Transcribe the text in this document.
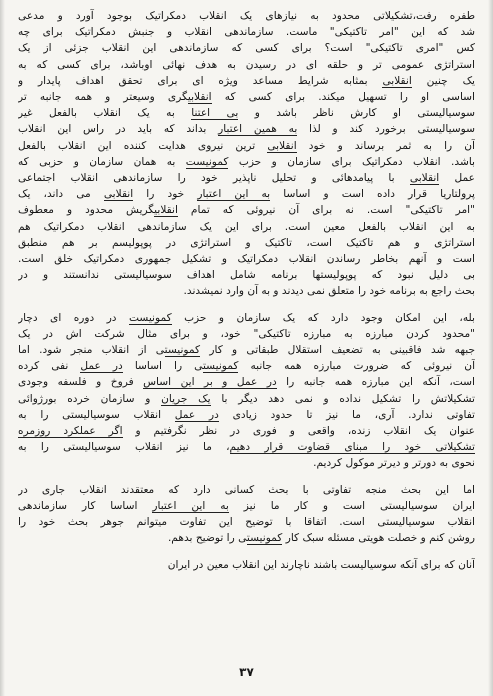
طفره رفت،تشکیلاتی محدود به نیازهای یک انقلاب دمکراتیک بوجود آورد و مدعی
شد که این "امر تاکتیکی" ماست. سازماندهی انقلاب و جنبش دمکراتیک برای چه
کس "امری تاکتیکی" است؟ برای کسی که سازماندهی این انقلاب جزئی از یک
استراتژی عمومی تر و حلقه ای در رسیدن به هدف نهائی اوباشد، برای کسی که به
یک چنین انقلابی بمثابه شرایط مساعد ویژه ای برای تحقق اهداف پایدار و
اساسی او را تسهیل میکند. برای کسی که انقلابیگری وسیعتر و همه جانبه تر
سوسیالیستی او کارش ناظر باشد و بی اعتنا به یک انقلاب بالفعل غیر
سوسیالیستی برخورد کند و لذا به همین اعتبار بداند که باید در راس این انقلاب
آن را به ثمر برساند و خود انقلابی ترین نیروی هدایت کننده این انقلاب بالفعل
باشد. انقلاب دمکراتیک برای سازمان و حزب کمونیست به همان سازمان و حزبی که
عمل انقلابی با پیامدهائی و تحلیل ناپذیر خود را سازماندهی انقلاب اجتماعی
پرولتاریا قرار داده است و اساسا به این اعتبار خود را انقلابی می داند، یک
"امر تاکتیکی" است. نه برای آن نیروئی که تمام انقلابیگریش محدود و معطوف
به این انقلاب بالفعل معین است. برای این یک سازماندهی انقلاب دمکراتیک هم
استراتژی و هم تاکتیک است، تاکتیک و استراتژی در پوپولیسم بر هم منطبق
است و آنهم بخاطر رساندن انقلاب دمکراتیک و تشکیل جمهوری دمکراتیک خلق است.
بی دلیل نبود که پوپولیستها برنامه شامل اهداف سوسیالیستی ندانستند و در
بحث راجع به برنامه خود را متعلق نمی دیدند و به آن وارد نمیشدند.
بله، این امکان وجود دارد که یک سازمان و حزب کمونیست در دوره ای دچار
"محدود کردن مبارزه به مبارزه تاکتیکی" خود، و برای مثال شرکت اش در یک
جبهه شد فاقبینی به تضعیف استقلال طبقاتی و کار کمونیستی از انقلاب منجر شود. اما
آن نیروئی که ضرورت مبارزه همه جانبه کمونیستی را اساسا در عمل نفی کرده
است، آنکه این مبارزه همه جانبه را در عمل و بر این اساس فروخ و فلسفه وجودی
تشکیلاتش را تشکیل نداده و نمی دهد دیگر با یک جریان و سازمان خرده بورژوائی
تفاوتی ندارد. آری، ما نیز تا حدود زیادی در عمل انقلاب سوسیالیستی را به
عنوان یک انقلاب زنده، واقعی و فوری در نظر نگرفتیم و اگر عملکرد روزمره
تشکیلاتی خود را مبنای قضاوت قرار دهیم، ما نیز انقلاب سوسیالیستی را به
نحوی به دورتر و دیرتر موکول کردیم.
اما این بحث منجه تفاوتی با بحث کسانی دارد که معتقدند انقلاب جاری در
ایران سوسیالیستی است و کار ما نیز به این اعتبار اساسا کار سازماندهی
انقلاب سوسیالیستی است. اتفاقا با توضیح این تفاوت میتوانم جوهر بحث خود را
روشن کنم و خصلت هویتی مسئله سبک کار کمونیستی را توضیح بدهم.
آنان که برای آنکه سوسیالیست باشند ناچارند این انقلاب معین در ایران
۳۷
